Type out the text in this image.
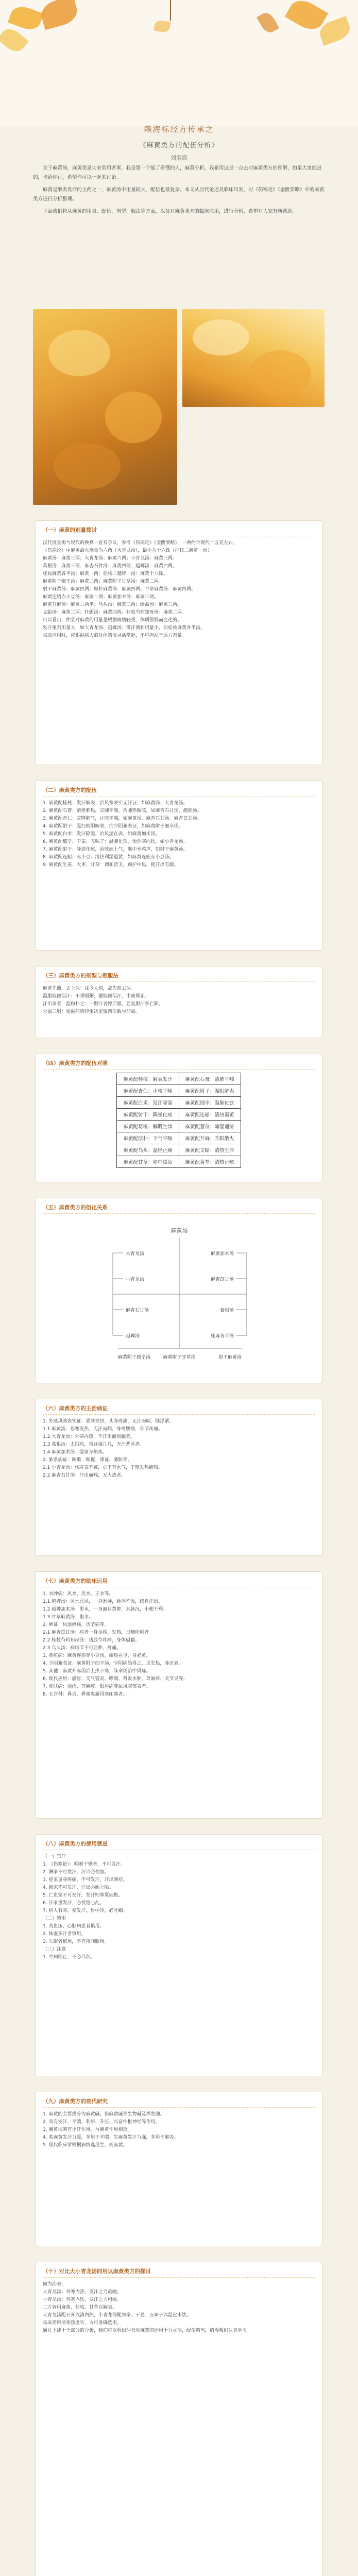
赖海标经方传承之
《麻黄类方的配伍分析》
刘淑霞

关于麻黄汤，麻黄类是大家常用者事，我是第一个能了看懂的人，麻黄分析，我希用这是一点去对麻黄类方的理解，如果大家能进的，也请你正，希望你可以一起来讨论。

麻黄是解表发汗的主药之一，麻黄汤中用量较大，配伍也最复杂。本文从历代论述及临床出发，对《伤寒论》《金匮要略》中的麻黄类方进行分析整理。

下面我们将从麻黄的用量、配伍、剂型、服法等方面，以及对麻黄类方的临床应用，进行分析，希望对大家有所帮助。

（一）麻黄的剂量探讨

汉代度量衡与现代的换算一直有争议，参考《伤寒论》《金匮要略》，一两约合现代十五克左右。

《伤寒论》中麻黄最大剂量为六两（大青龙汤），最小为十六铢（桂枝二麻黄一汤）。

麻黄汤：麻黄三两；大青龙汤：麻黄六两；小青龙汤：麻黄三两。

葛根汤：麻黄三两；麻杏石甘汤：麻黄四两；越婢汤：麻黄六两。

桂枝麻黄各半汤：麻黄一两；桂枝二越婢一汤：麻黄十八铢。

麻黄附子细辛汤：麻黄二两；麻黄附子甘草汤：麻黄二两。

射干麻黄汤：麻黄四两；厚朴麻黄汤：麻黄四两；甘草麻黄汤：麻黄四两。

麻黄连轺赤小豆汤：麻黄二两；麻黄加术汤：麻黄三两。

麻黄升麻汤：麻黄二两半；乌头汤：麻黄三两；续命汤：麻黄三两。

文蛤汤：麻黄三两；牡蛎汤：麻黄四两；桂枝芍药知母汤：麻黄二两。

可以看出，仲景对麻黄的用量是根据病情轻重、体质强弱而变化的。

发汗重剂用量大，如大青龙汤、越婢汤；微汗调和用量小，如桂枝麻黄各半汤。

临床应用时，应根据病人的具体情况灵活掌握，不可拘泥于原方剂量。

（二）麻黄类方的配伍

1. 麻黄配桂枝：发汗解表，治风寒表实无汗证，如麻黄汤、大青龙汤。

2. 麻黄配石膏：清泄肺热，宣肺平喘，治肺热喘咳，如麻杏石甘汤、越婢汤。

3. 麻黄配杏仁：宣降肺气，止咳平喘，如麻黄汤、麻杏石甘汤、麻杏苡甘汤。

4. 麻黄配附子：温经助阳解表，治少阴兼表证，如麻黄附子细辛汤。

5. 麻黄配白术：发汗除湿，治风湿在表，如麻黄加术汤。

6. 麻黄配细辛、干姜、五味子：温肺化饮，治外寒内饮，如小青龙汤。

7. 麻黄配射干：降逆化痰，治咳而上气，喉中水鸡声，如射干麻黄汤。

8. 麻黄配连轺、赤小豆：清热利湿退黄，如麻黄连轺赤小豆汤。

9. 麻黄配生姜、大枣、甘草：调和营卫，顾护中焦，使汗出有源。

（三）麻黄类方的剂型与煎服法

麻黄先煎，去上沫：沫令人烦，故先煎去沫。

温服取微似汗：不须啜粥，覆取微似汗，中病即止。

汗出多者，温粉扑之：一服汗者停后服，若复服汗多亡阳。

分温三服：根据病情轻重决定服药次数与间隔。

（四）麻黄类方的配伍对照
麻黄配桂枝：解表发汗	麻黄配石膏：清肺平喘
麻黄配杏仁：止咳平喘	麻黄配附子：温阳解表
麻黄配白术：发汗除湿	麻黄配细辛：温肺化饮
麻黄配射干：降逆化痰	麻黄配连轺：清热退黄
麻黄配葛根：解肌生津	麻黄配薏苡：除湿通痹
麻黄配厚朴：下气平喘	麻黄配升麻：升阳散火
麻黄配乌头：温经止痛	麻黄配文蛤：清热生津
麻黄配甘草：和中缓急	麻黄配黄芩：清热止咳
（五）麻黄类方的衍化关系
麻黄汤
大青龙汤
小青龙汤
麻杏石甘汤
越婢汤
麻黄加术汤
麻杏苡甘汤
葛根汤
桂麻各半汤
麻黄附子细辛汤	麻黄附子甘草汤	射干麻黄汤
（六）麻黄类方的主治病证

1. 外感风寒表实证：恶寒发热，头身疼痛，无汗而喘，脉浮紧。

1.1 麻黄汤：恶寒发热，无汗而喘，身疼腰痛，骨节疼痛。

1.2 大青龙汤：外寒内热，不汗出而烦躁者。

1.3 葛根汤：太阳病，项背强几几，无汗恶风者。

1.4 麻黄加术汤：湿家身烦疼。

2. 肺系病证：咳嗽、喘促、哮证、肺胀等。

2.1 小青龙汤：伤寒表不解，心下有水气，干呕发热而咳。

2.2 麻杏石甘汤：汗出而喘，无大热者。

（七）麻黄类方的临床运用

1. 水肿病：风水、皮水、正水等。

1.1 越婢汤：风水恶风，一身悉肿，脉浮不渴，续自汗出。

1.2 越婢加术汤：里水，一身面目黄肿，其脉沉，小便不利。

1.3 甘草麻黄汤：里水。

2. 痹证：风湿痹痛，历节病等。

2.1 麻杏苡甘汤：病者一身尽疼，发热，日晡所剧者。

2.2 桂枝芍药知母汤：诸肢节疼痛，身体魁羸。

2.3 乌头汤：病历节不可屈伸，疼痛。

3. 黄疸病：麻黄连轺赤小豆汤，瘀热在里，身必黄。

4. 少阴兼表证：麻黄附子细辛汤，少阴病始得之，反发热，脉沉者。

5. 其他：麻黄升麻汤治上热下寒，续命汤治中风痱。

6. 现代应用：感冒、支气管炎、哮喘、肾炎水肿、荨麻疹、关节炎等。

7. 皮肤病：湿疹、荨麻疹、银屑病等属风寒郁表者。

8. 五官科：鼻炎、鼻窦炎属风寒闭塞者。

（八）麻黄类方的使用禁忌

（一）禁汗

1. 《伤寒论》：咽喉干燥者，不可发汗。

2. 淋家不可发汗，汗出必便血。

3. 疮家虽身疼痛，不可发汗，汗出则痉。

4. 衄家不可发汗，汗出必额上陷。

5. 亡血家不可发汗，发汗则寒栗而振。

6. 汗家重发汗，必恍惚心乱。

7. 病人有寒，复发汗，胃中冷，必吐蛔。

（二）慎用

1. 高血压、心脏病患者慎用。

2. 体虚多汗者慎用。

3. 失眠者慎用，不宜夜间服用。

（三）注意

1. 中病即止，不必尽剂。

（九）麻黄类方的现代研究

1. 麻黄的主要成分为麻黄碱、伪麻黄碱等生物碱及挥发油。

2. 具有发汗、平喘、利尿、升压、兴奋中枢神经等作用。

3. 麻黄根则有止汗作用，与麻黄作用相反。

4. 炙麻黄发汗力缓，多用于平喘；生麻黄发汗力强，多用于解表。

5. 现代临床常根据病情选用生、炙麻黄。

（十）对比大小青龙汤同用以麻黄类方的探讨

同为治表：

大青龙汤：外寒内热，发汗之力最峻。

小青龙汤：外寒内饮，发汗之力稍缓。

二方皆用麻黄、桂枝、甘草以解表。

大青龙汤配石膏以清内热，小青龙汤配细辛、干姜、五味子以温化水饮。

临床需辨清寒热虚实，方可准确选用。

通过上述十个部分的分析，我们可以看出仲景对麻黄的运用十分灵活，配伍精当，值得我们认真学习。
